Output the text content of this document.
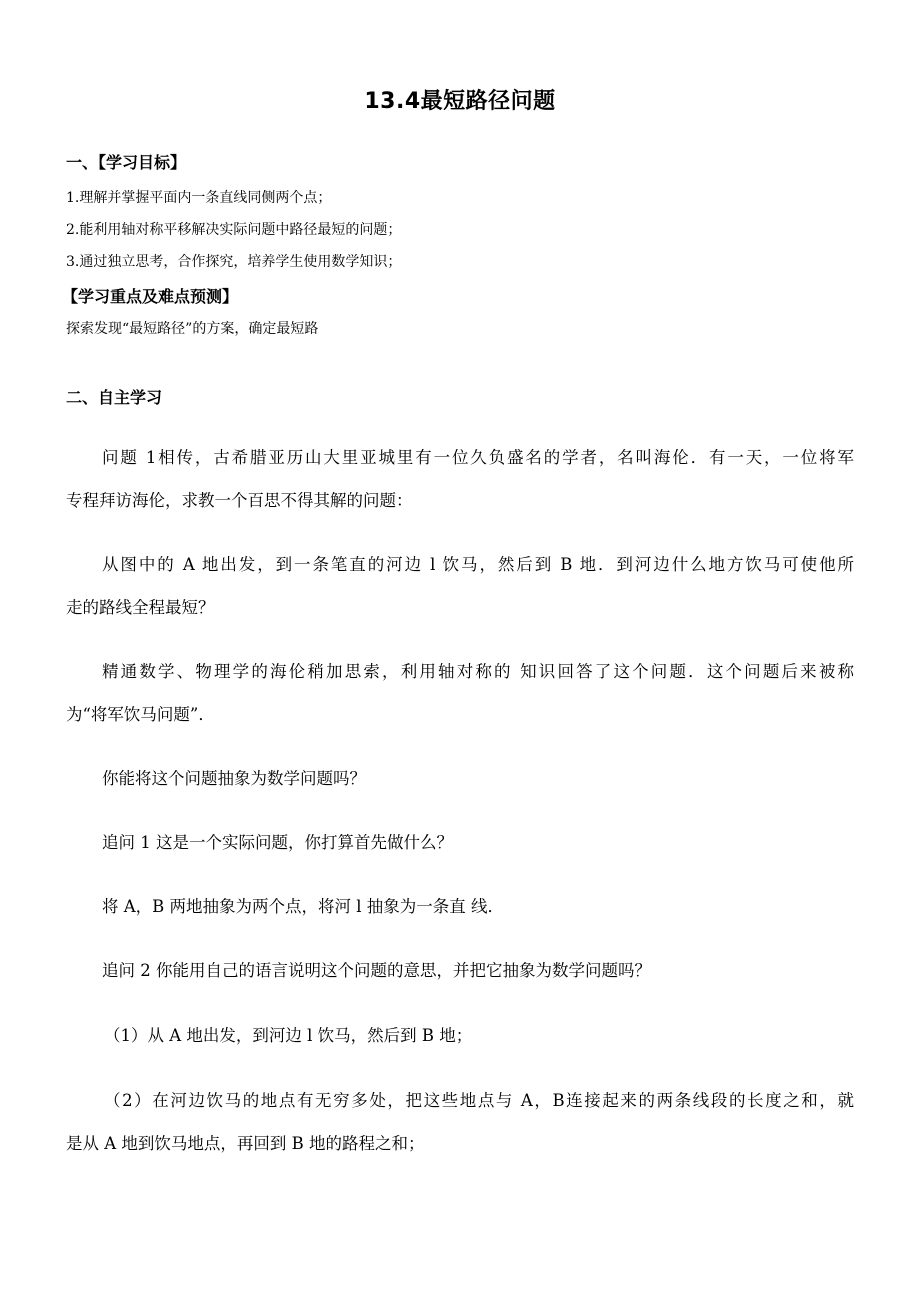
13.4最短路径问题
一、【学习目标】

1.理解并掌握平面内一条直线同侧两个点；

2.能利用轴对称平移解决实际问题中路径最短的问题；

3.通过独立思考，合作探究，培养学生使用数学知识；

【学习重点及难点预测】

探索发现“最短路径”的方案，确定最短路

二、自主学习

问题 1相传，古希腊亚历山大里亚城里有一位久负盛名的学者，名叫海伦．有一天，一位将军

专程拜访海伦，求教一个百思不得其解的问题：

从图中的 A 地出发，到一条笔直的河边 l 饮马，然后到 B 地．到河边什么地方饮马可使他所

走的路线全程最短？

精通数学、物理学的海伦稍加思索，利用轴对称的 知识回答了这个问题．这个问题后来被称

为“将军饮马问题”．

你能将这个问题抽象为数学问题吗？

追问 1 这是一个实际问题，你打算首先做什么？

将 A，B 两地抽象为两个点，将河 l 抽象为一条直 线．

追问 2 你能用自己的语言说明这个问题的意思，并把它抽象为数学问题吗？

（1）从 A 地出发，到河边 l 饮马，然后到 B 地；

（2）在河边饮马的地点有无穷多处，把这些地点与 A，B连接起来的两条线段的长度之和，就

是从 A 地到饮马地点，再回到 B 地的路程之和；
